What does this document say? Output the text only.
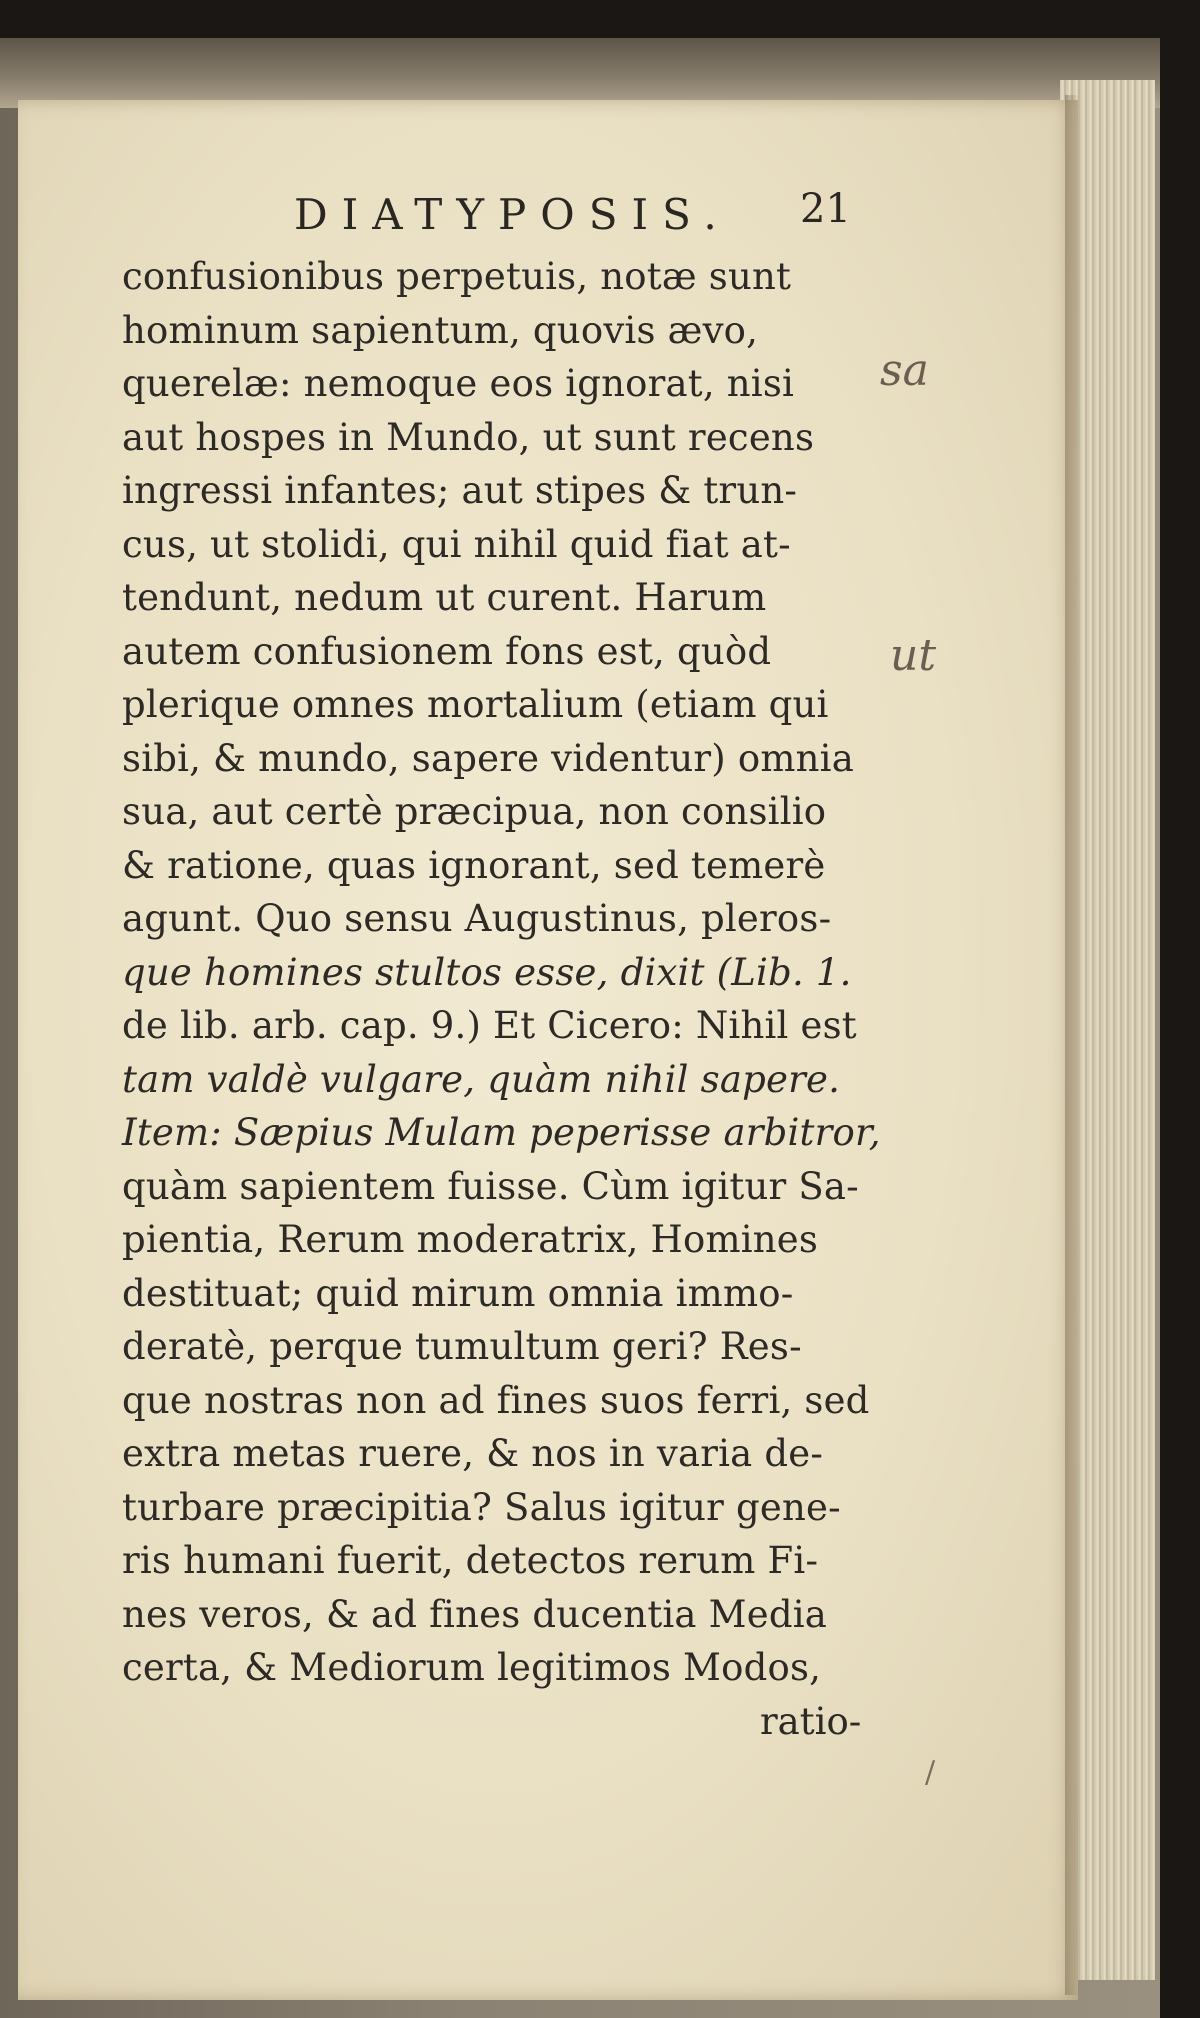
DIATYPOSIS. 21
confusionibus perpetuis, notæ sunt
hominum sapientum, quovis ævo,
querelæ: nemoque eos ignorat, nisi
aut hospes in Mundo, ut sunt recens
ingressi infantes; aut stipes & trun-
cus, ut stolidi, qui nihil quid fiat at-
tendunt, nedum ut curent. Harum
autem confusionem fons est, quòd
plerique omnes mortalium (etiam qui
sibi, & mundo, sapere videntur) omnia
sua, aut certè præcipua, non consilio
& ratione, quas ignorant, sed temerè
agunt. Quo sensu Augustinus, pleros-
que homines stultos esse, dixit (Lib. 1.
de lib. arb. cap. 9.) Et Cicero: Nihil est
tam valdè vulgare, quàm nihil sapere.
Item: Sæpius Mulam peperisse arbitror,
quàm sapientem fuisse. Cùm igitur Sa-
pientia, Rerum moderatrix, Homines
destituat; quid mirum omnia immo-
deratè, perque tumultum geri? Res-
que nostras non ad fines suos ferri, sed
extra metas ruere, & nos in varia de-
turbare præcipitia? Salus igitur gene-
ris humani fuerit, detectos rerum Fi-
nes veros, & ad fines ducentia Media
certa, & Mediorum legitimos Modos,
ratio-
sa
ut
/
